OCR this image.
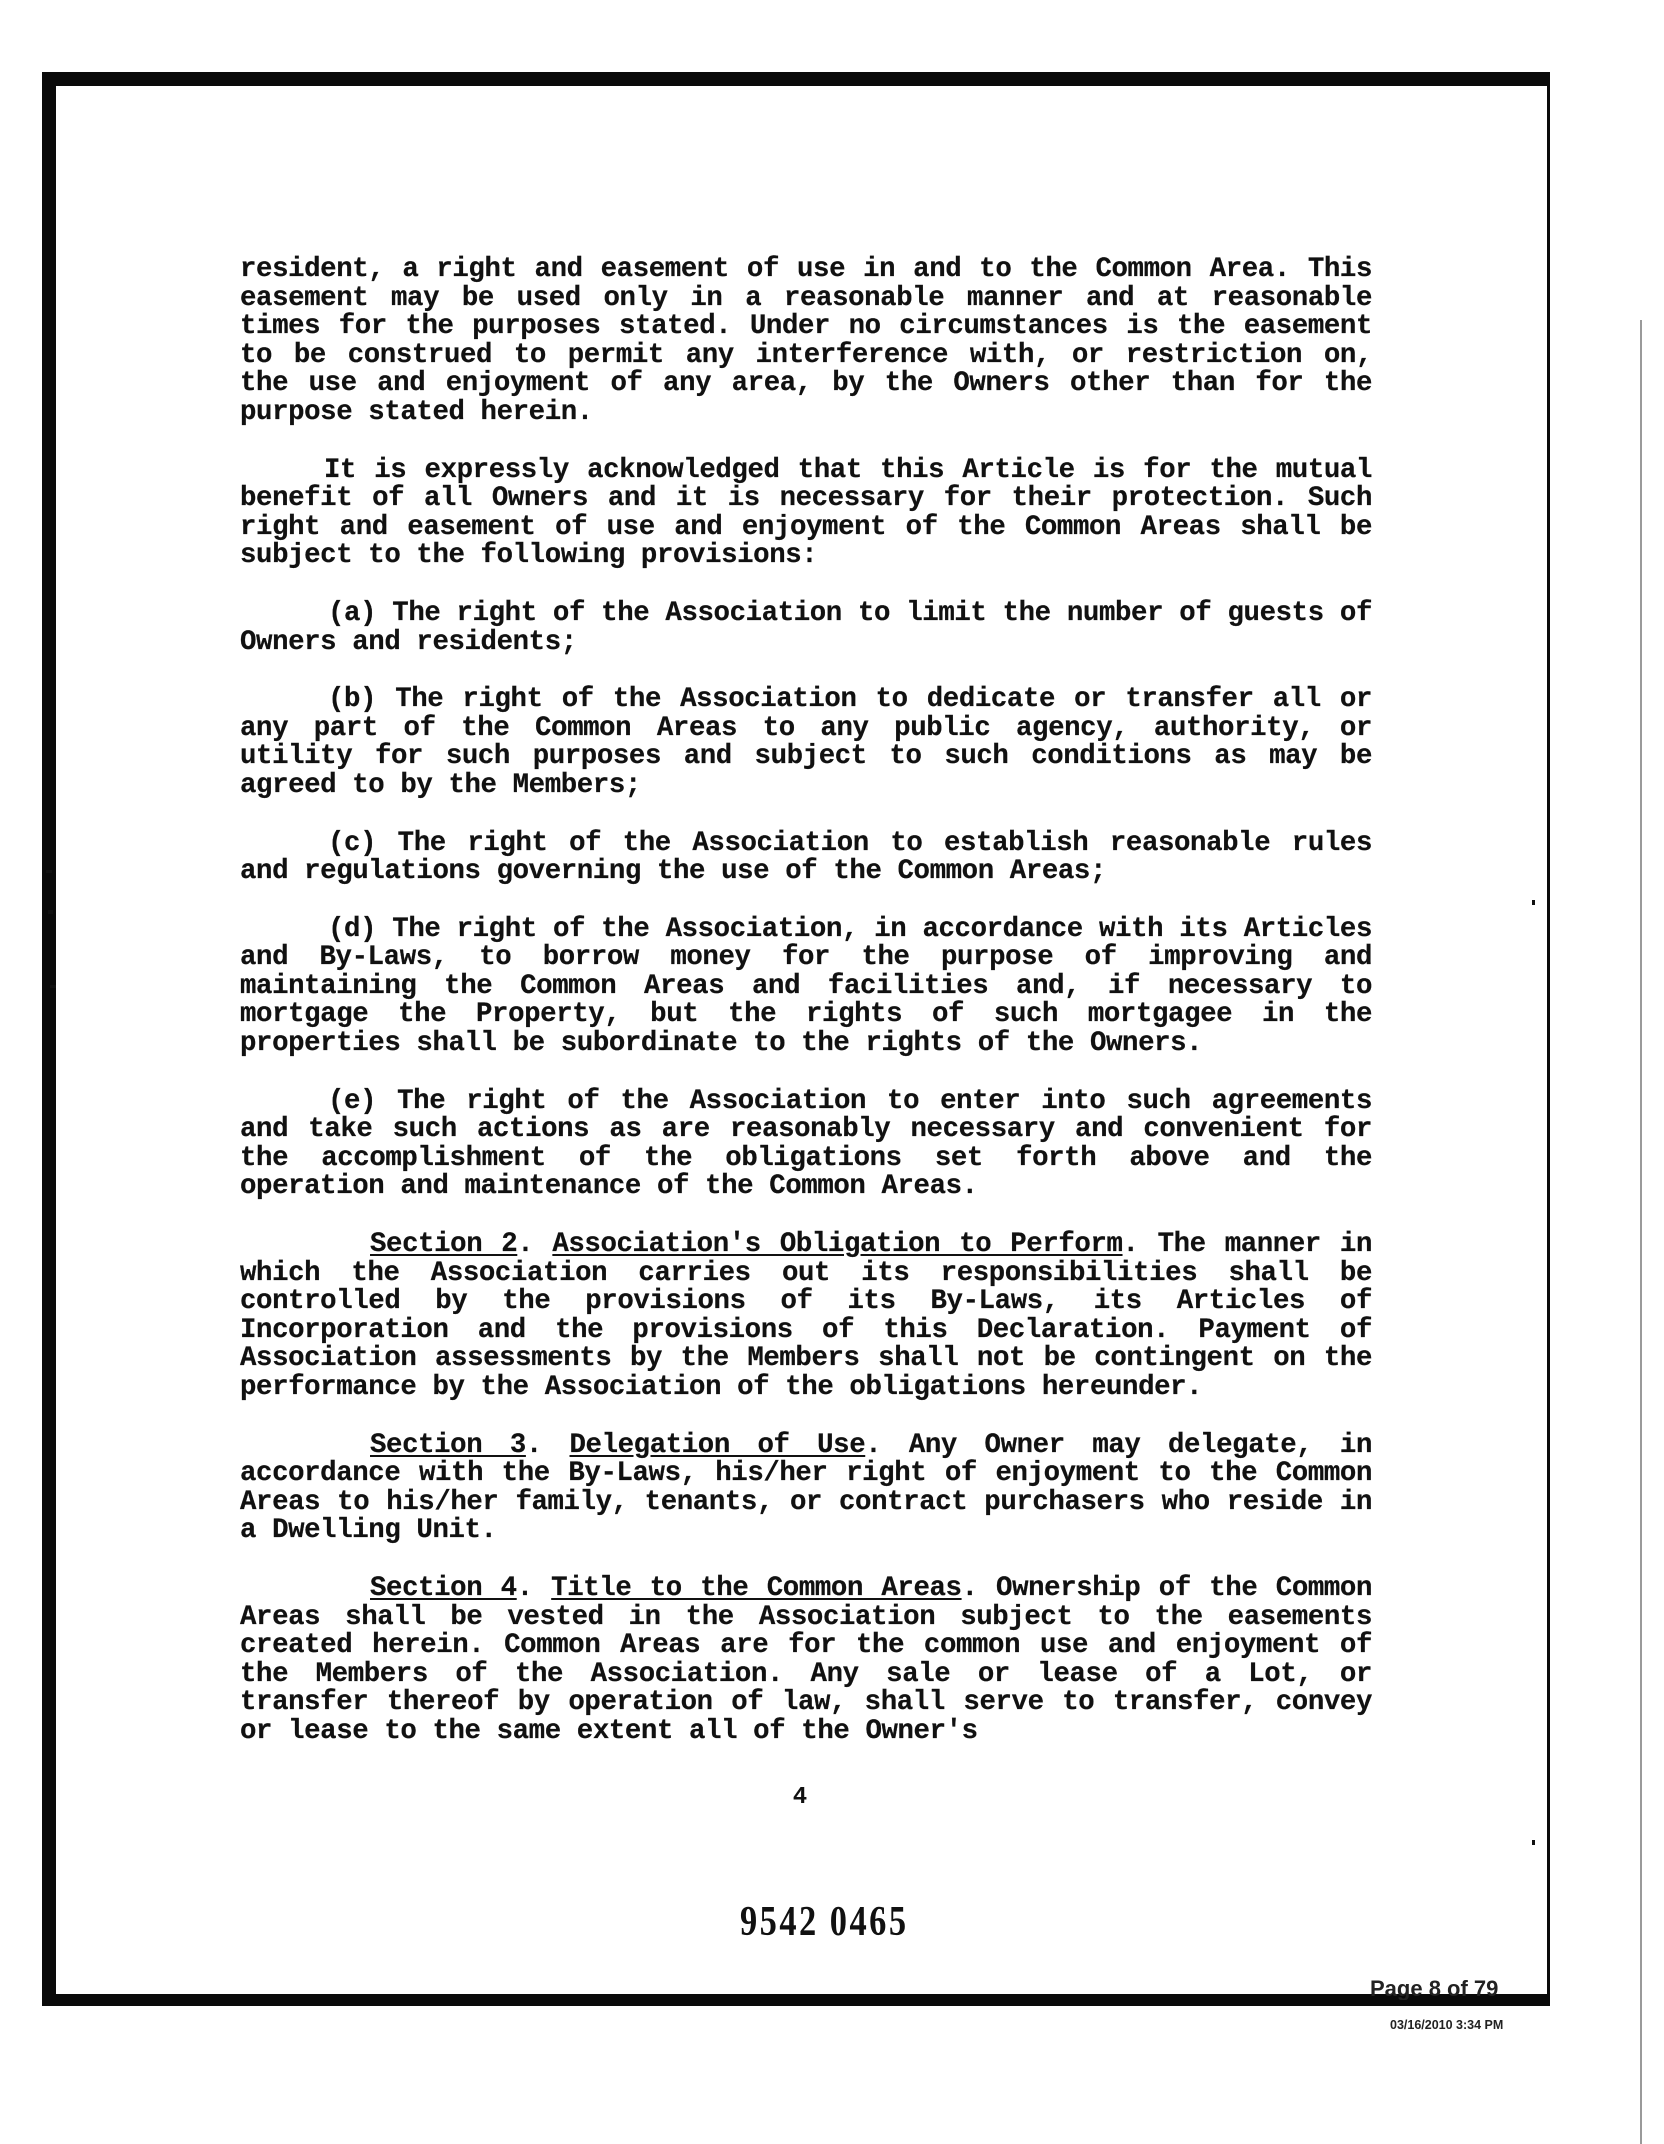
resident, a right and easement of use in and to the Common Area. This easement may be used only in a reasonable manner and at reasonable times for the purposes stated. Under no circumstances is the easement to be construed to permit any interference with, or restriction on, the use and enjoyment of any area, by the Owners other than for the purpose stated herein.

It is expressly acknowledged that this Article is for the mutual benefit of all Owners and it is necessary for their protection. Such right and easement of use and enjoyment of the Common Areas shall be subject to the following provisions:

(a) The right of the Association to limit the number of guests of Owners and residents;

(b) The right of the Association to dedicate or transfer all or any part of the Common Areas to any public agency, authority, or utility for such purposes and subject to such conditions as may be agreed to by the Members;

(c) The right of the Association to establish reasonable rules and regulations governing the use of the Common Areas;

(d) The right of the Association, in accordance with its Articles and By-Laws, to borrow money for the purpose of improving and maintaining the Common Areas and facilities and, if necessary to mortgage the Property, but the rights of such mortgagee in the properties shall be subordinate to the rights of the Owners.

(e) The right of the Association to enter into such agreements and take such actions as are reasonably necessary and convenient for the accomplishment of the obligations set forth above and the operation and maintenance of the Common Areas.

Section 2. Association's Obligation to Perform. The manner in which the Association carries out its responsibilities shall be controlled by the provisions of its By-Laws, its Articles of Incorporation and the provisions of this Declaration. Payment of Association assessments by the Members shall not be contingent on the performance by the Association of the obligations hereunder.

Section 3. Delegation of Use. Any Owner may delegate, in accordance with the By-Laws, his/her right of enjoyment to the Common Areas to his/her family, tenants, or contract purchasers who reside in a Dwelling Unit.

Section 4. Title to the Common Areas. Ownership of the Common Areas shall be vested in the Association subject to the easements created herein. Common Areas are for the common use and enjoyment of the Members of the Association. Any sale or lease of a Lot, or transfer thereof by operation of law, shall serve to transfer, convey or lease to the same extent all of the Owner's

4
9542 0465
Page 8 of 79
03/16/2010 3:34 PM
